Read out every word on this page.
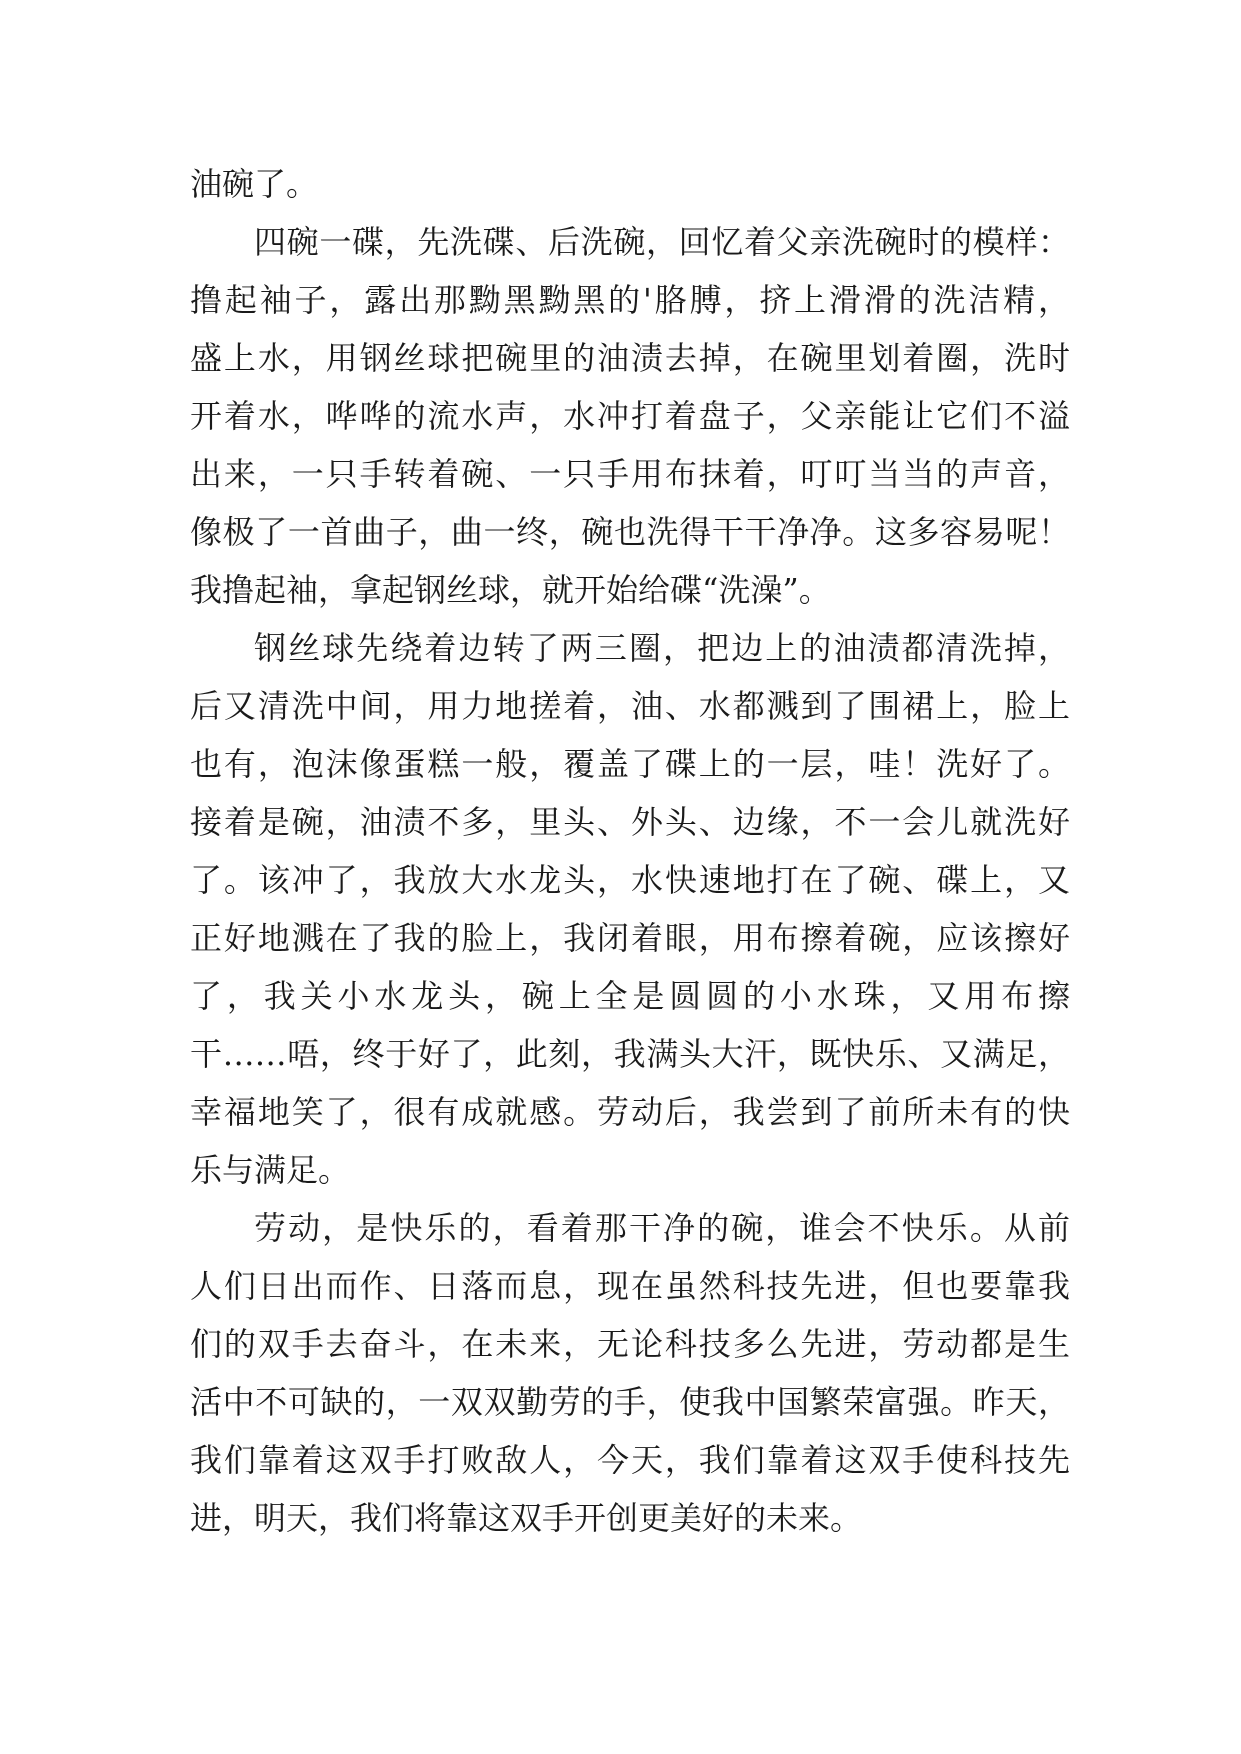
油碗了。
四碗一碟，先洗碟、后洗碗，回忆着父亲洗碗时的模样：
撸起袖子，露出那黝黑黝黑的'胳膊，挤上滑滑的洗洁精，
盛上水，用钢丝球把碗里的油渍去掉，在碗里划着圈，洗时
开着水，哗哗的流水声，水冲打着盘子，父亲能让它们不溢
出来，一只手转着碗、一只手用布抹着，叮叮当当的声音，
像极了一首曲子，曲一终，碗也洗得干干净净。这多容易呢！
我撸起袖，拿起钢丝球，就开始给碟“洗澡”。
钢丝球先绕着边转了两三圈，把边上的油渍都清洗掉，
后又清洗中间，用力地搓着，油、水都溅到了围裙上，脸上
也有，泡沫像蛋糕一般，覆盖了碟上的一层，哇！洗好了。
接着是碗，油渍不多，里头、外头、边缘，不一会儿就洗好
了。该冲了，我放大水龙头，水快速地打在了碗、碟上，又
正好地溅在了我的脸上，我闭着眼，用布擦着碗，应该擦好
了，我关小水龙头，碗上全是圆圆的小水珠，又用布擦
干……唔，终于好了，此刻，我满头大汗，既快乐、又满足，
幸福地笑了，很有成就感。劳动后，我尝到了前所未有的快
乐与满足。
劳动，是快乐的，看着那干净的碗，谁会不快乐。从前
人们日出而作、日落而息，现在虽然科技先进，但也要靠我
们的双手去奋斗，在未来，无论科技多么先进，劳动都是生
活中不可缺的，一双双勤劳的手，使我中国繁荣富强。昨天，
我们靠着这双手打败敌人，今天，我们靠着这双手使科技先
进，明天，我们将靠这双手开创更美好的未来。
